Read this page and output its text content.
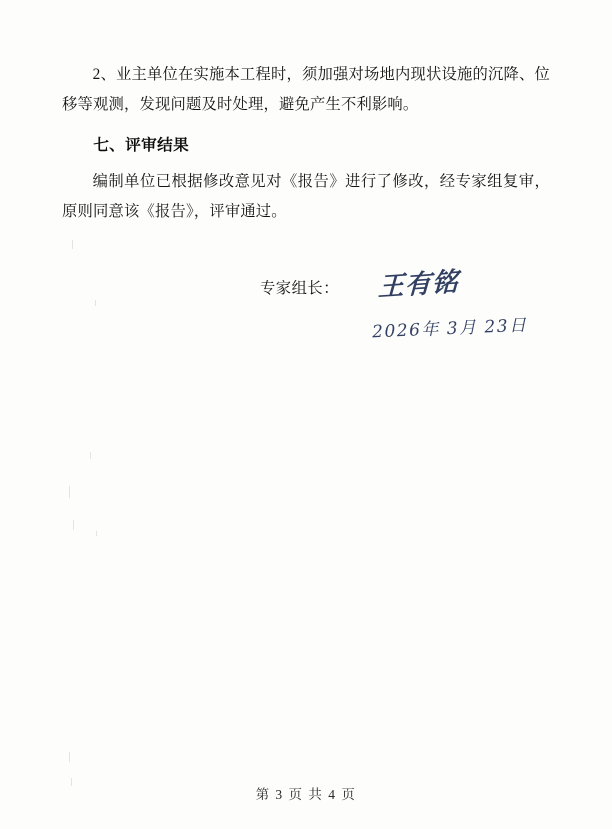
2、业主单位在实施本工程时，须加强对场地内现状设施的沉降、位移等观测，发现问题及时处理，避免产生不利影响。

七、评审结果

编制单位已根据修改意见对《报告》进行了修改，经专家组复审，原则同意该《报告》，评审通过。

专家组长： 王有铭
2026年 3月 23日
第 3 页 共 4 页
